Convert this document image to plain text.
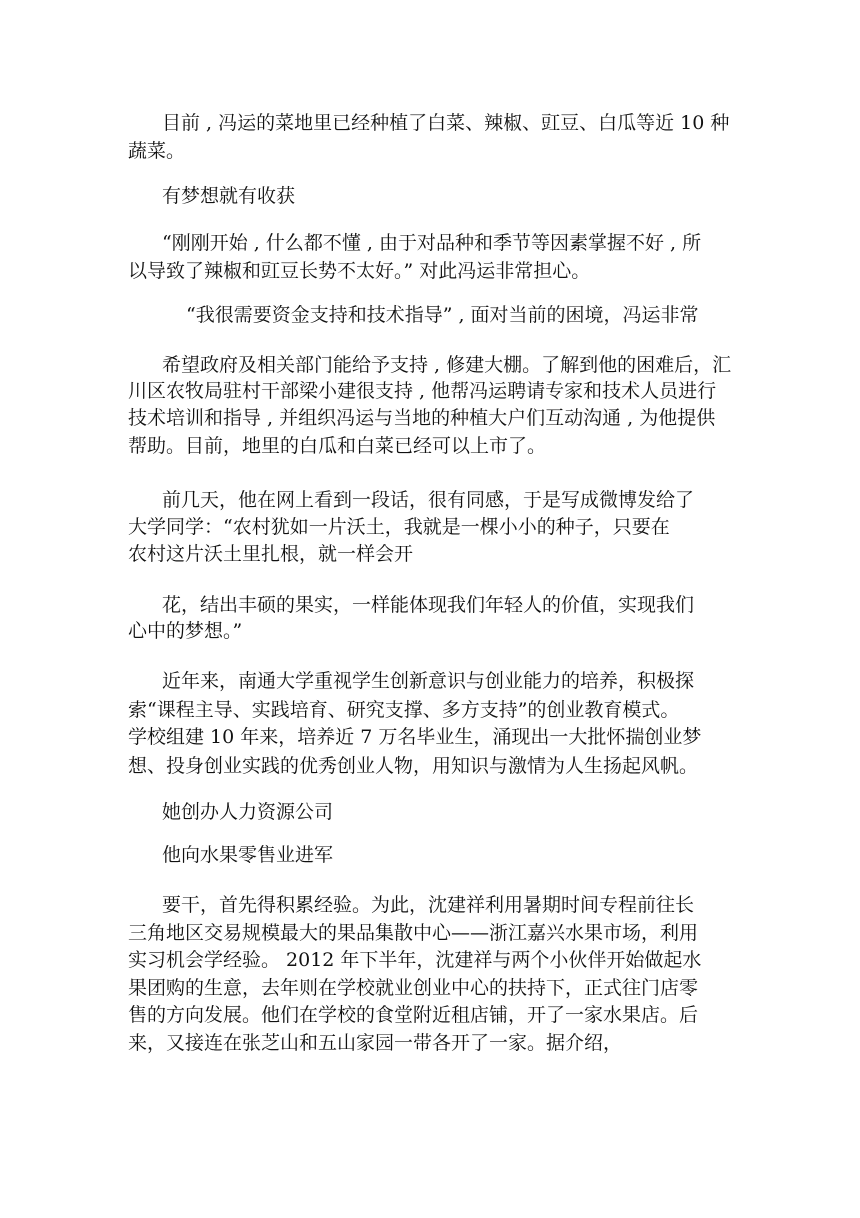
目前 , 冯运的菜地里已经种植了白菜、辣椒、豇豆、白瓜等近 10 种
蔬菜。
有梦想就有收获
“刚刚开始 , 什么都不懂 , 由于对品种和季节等因素掌握不好 , 所
以导致了辣椒和豇豆长势不太好。” 对此冯运非常担心。
“我很需要资金支持和技术指导” , 面对当前的困境，冯运非常
希望政府及相关部门能给予支持 , 修建大棚。了解到他的困难后，汇
川区农牧局驻村干部梁小建很支持 , 他帮冯运聘请专家和技术人员进行
技术培训和指导 , 并组织冯运与当地的种植大户们互动沟通 , 为他提供
帮助。目前，地里的白瓜和白菜已经可以上市了。
前几天，他在网上看到一段话，很有同感，于是写成微博发给了
大学同学：“农村犹如一片沃土，我就是一棵小小的种子，只要在
农村这片沃土里扎根，就一样会开
花，结出丰硕的果实，一样能体现我们年轻人的价值，实现我们
心中的梦想。”
近年来，南通大学重视学生创新意识与创业能力的培养，积极探
索“课程主导、实践培育、研究支撑、多方支持”的创业教育模式。
学校组建 10 年来，培养近 7 万名毕业生，涌现出一大批怀揣创业梦
想、投身创业实践的优秀创业人物，用知识与激情为人生扬起风帆。
她创办人力资源公司
他向水果零售业进军
要干，首先得积累经验。为此，沈建祥利用暑期时间专程前往长
三角地区交易规模最大的果品集散中心——浙江嘉兴水果市场，利用
实习机会学经验。 2012 年下半年，沈建祥与两个小伙伴开始做起水
果团购的生意，去年则在学校就业创业中心的扶持下，正式往门店零
售的方向发展。他们在学校的食堂附近租店铺，开了一家水果店。后
来，又接连在张芝山和五山家园一带各开了一家。据介绍，
